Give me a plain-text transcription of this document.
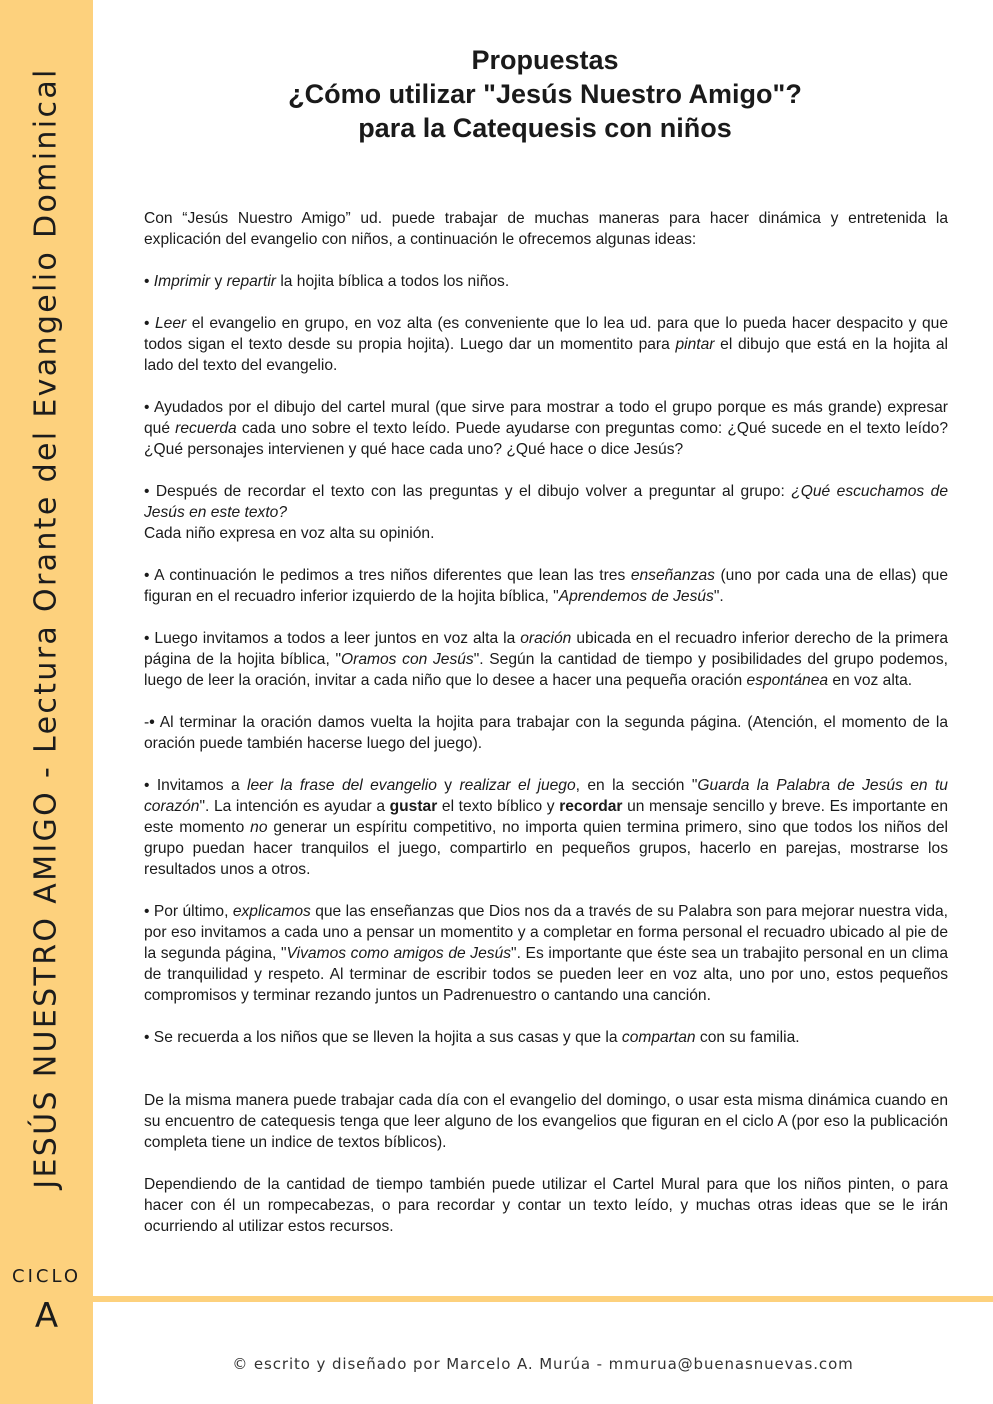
JESÚS NUESTRO AMIGO - Lectura Orante del Evangelio Dominical
CICLO
A
Propuestas
¿Cómo utilizar "Jesús Nuestro Amigo"?
para la Catequesis con niños

Con “Jesús Nuestro Amigo” ud. puede trabajar de muchas maneras para hacer dinámica y entretenida la explicación del evangelio con niños, a continuación le ofrecemos algunas ideas:

• Imprimir y repartir la hojita bíblica a todos los niños.

• Leer el evangelio en grupo, en voz alta (es conveniente que lo lea ud. para que lo pueda hacer despacito y que todos sigan el texto desde su propia hojita). Luego dar un momentito para pintar el dibujo que está en la hojita al lado del texto del evangelio.

• Ayudados por el dibujo del cartel mural (que sirve para mostrar a todo el grupo porque es más grande) expresar qué recuerda cada uno sobre el texto leído. Puede ayudarse con preguntas como: ¿Qué sucede en el texto leído? ¿Qué personajes intervienen y qué hace cada uno? ¿Qué hace o dice Jesús?

• Después de recordar el texto con las preguntas y el dibujo volver a preguntar al grupo: ¿Qué escuchamos de Jesús en este texto?
Cada niño expresa en voz alta su opinión.

• A continuación le pedimos a tres niños diferentes que lean las tres enseñanzas (uno por cada una de ellas) que figuran en el recuadro inferior izquierdo de la hojita bíblica, "Aprendemos de Jesús".

• Luego invitamos a todos a leer juntos en voz alta la oración ubicada en el recuadro inferior derecho de la primera página de la hojita bíblica, "Oramos con Jesús". Según la cantidad de tiempo y posibilidades del grupo podemos, luego de leer la oración, invitar a cada niño que lo desee a hacer una pequeña oración espontánea en voz alta.

-• Al terminar la oración damos vuelta la hojita para trabajar con la segunda página. (Atención, el momento de la oración puede también hacerse luego del juego).

• Invitamos a leer la frase del evangelio y realizar el juego, en la sección "Guarda la Palabra de Jesús en tu corazón". La intención es ayudar a gustar el texto bíblico y recordar un mensaje sencillo y breve. Es importante en este momento no generar un espíritu competitivo, no importa quien termina primero, sino que todos los niños del grupo puedan hacer tranquilos el juego, compartirlo en pequeños grupos, hacerlo en parejas, mostrarse los resultados unos a otros.

• Por último, explicamos que las enseñanzas que Dios nos da a través de su Palabra son para mejorar nuestra vida, por eso invitamos a cada uno a pensar un momentito y a completar en forma personal el recuadro ubicado al pie de la segunda página, "Vivamos como amigos de Jesús". Es importante que éste sea un trabajito personal en un clima de tranquilidad y respeto. Al terminar de escribir todos se pueden leer en voz alta, uno por uno, estos pequeños compromisos y terminar rezando juntos un Padrenuestro o cantando una canción.

• Se recuerda a los niños que se lleven la hojita a sus casas y que la compartan con su familia.

De la misma manera puede trabajar cada día con el evangelio del domingo, o usar esta misma dinámica cuando en su encuentro de catequesis tenga que leer alguno de los evangelios que figuran en el ciclo A (por eso la publicación completa tiene un indice de textos bíblicos).

Dependiendo de la cantidad de tiempo también puede utilizar el Cartel Mural para que los niños pinten, o para hacer con él un rompecabezas, o para recordar y contar un texto leído, y muchas otras ideas que se le irán ocurriendo al utilizar estos recursos.

© escrito y diseñado por Marcelo A. Murúa - mmurua@buenasnuevas.com
